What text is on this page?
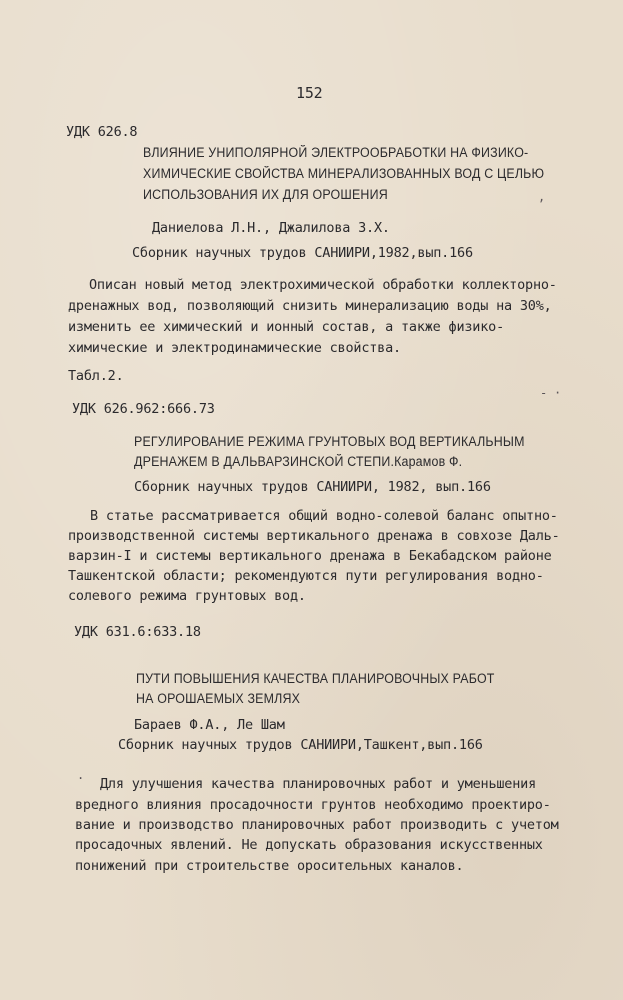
152
УДК 626.8
ВЛИЯНИЕ УНИПОЛЯРНОЙ ЭЛЕКТРООБРАБОТКИ НА ФИЗИКО-
ХИМИЧЕСКИЕ СВОЙСТВА МИНЕРАЛИЗОВАННЫХ ВОД С ЦЕЛЬЮ
ИСПОЛЬЗОВАНИЯ ИХ ДЛЯ ОРОШЕНИЯ
Даниелова Л.Н., Джалилова З.Х.
Сборник научных трудов САНИИРИ,1982,вып.166
Описан новый метод электрохимической обработки коллекторно-
дренажных вод, позволяющий снизить минерализацию воды на 30%,
изменить ее химический и ионный состав, а также физико-
химические и электродинамические свойства.
Табл.2.
УДК 626.962:666.73
РЕГУЛИРОВАНИЕ РЕЖИМА ГРУНТОВЫХ ВОД ВЕРТИКАЛЬНЫМ
ДРЕНАЖЕМ В ДАЛЬВАРЗИНСКОЙ СТЕПИ.Карамов Ф.
Сборник научных трудов САНИИРИ, 1982, вып.166
В статье рассматривается общий водно-солевой баланс опытно-
производственной системы вертикального дренажа в совхозе Даль-
варзин-I и системы вертикального дренажа в Бекабадском районе
Ташкентской области; рекомендуются пути регулирования водно-
солевого режима грунтовых вод.
УДК 631.6:633.18
ПУТИ ПОВЫШЕНИЯ КАЧЕСТВА ПЛАНИРОВОЧНЫХ РАБОТ
НА ОРОШАЕМЫХ ЗЕМЛЯХ
Бараев Ф.А., Ле Шам
Сборник научных трудов САНИИРИ,Ташкент,вып.166
Для улучшения качества планировочных работ и уменьшения
вредного влияния просадочности грунтов необходимо проектиро-
вание и производство планировочных работ производить с учетом
просадочных явлений. Не допускать образования искусственных
понижений при строительстве оросительных каналов.
,
- ·
.
